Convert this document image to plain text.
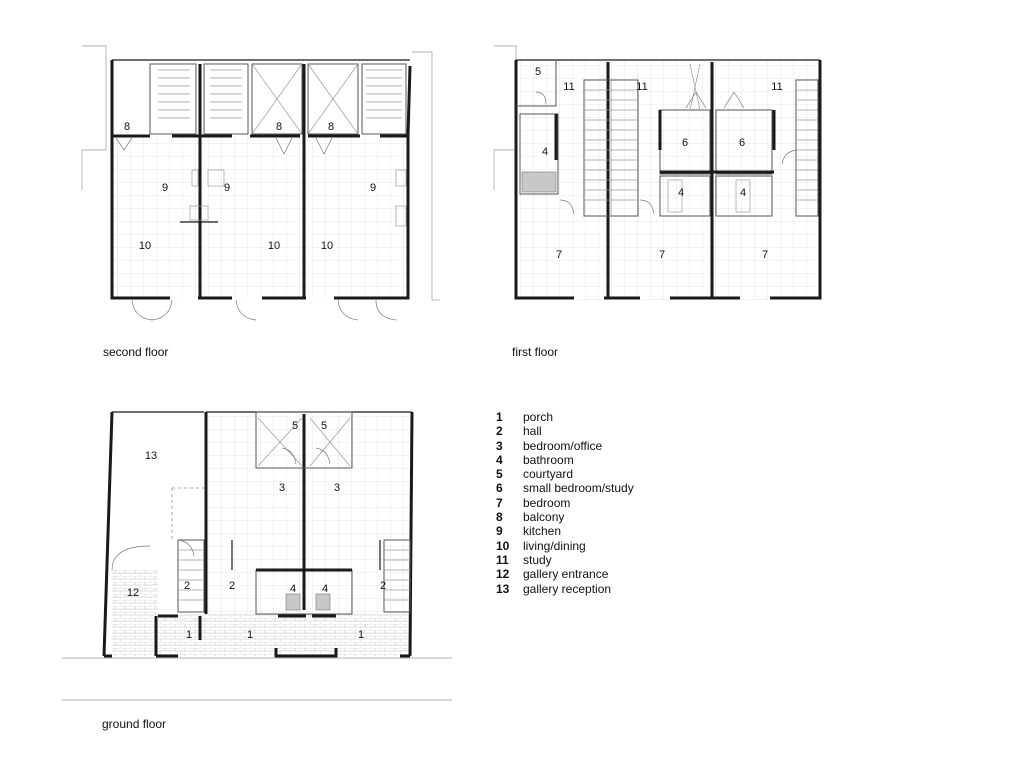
8	8	8
9	9	9
10	10	10
5
11	11	11
4
6	6
4	4
7	7	7
13
5 5
3	3
12
2	2	2
4 4
1	1	1
second floor	first floor
ground floor
1	porch
2	hall
3	bedroom/office
4	bathroom
5	courtyard
6	small bedroom/study
7	bedroom
8	balcony
9	kitchen
10	living/dining
11	study
12	gallery entrance
13	gallery reception
